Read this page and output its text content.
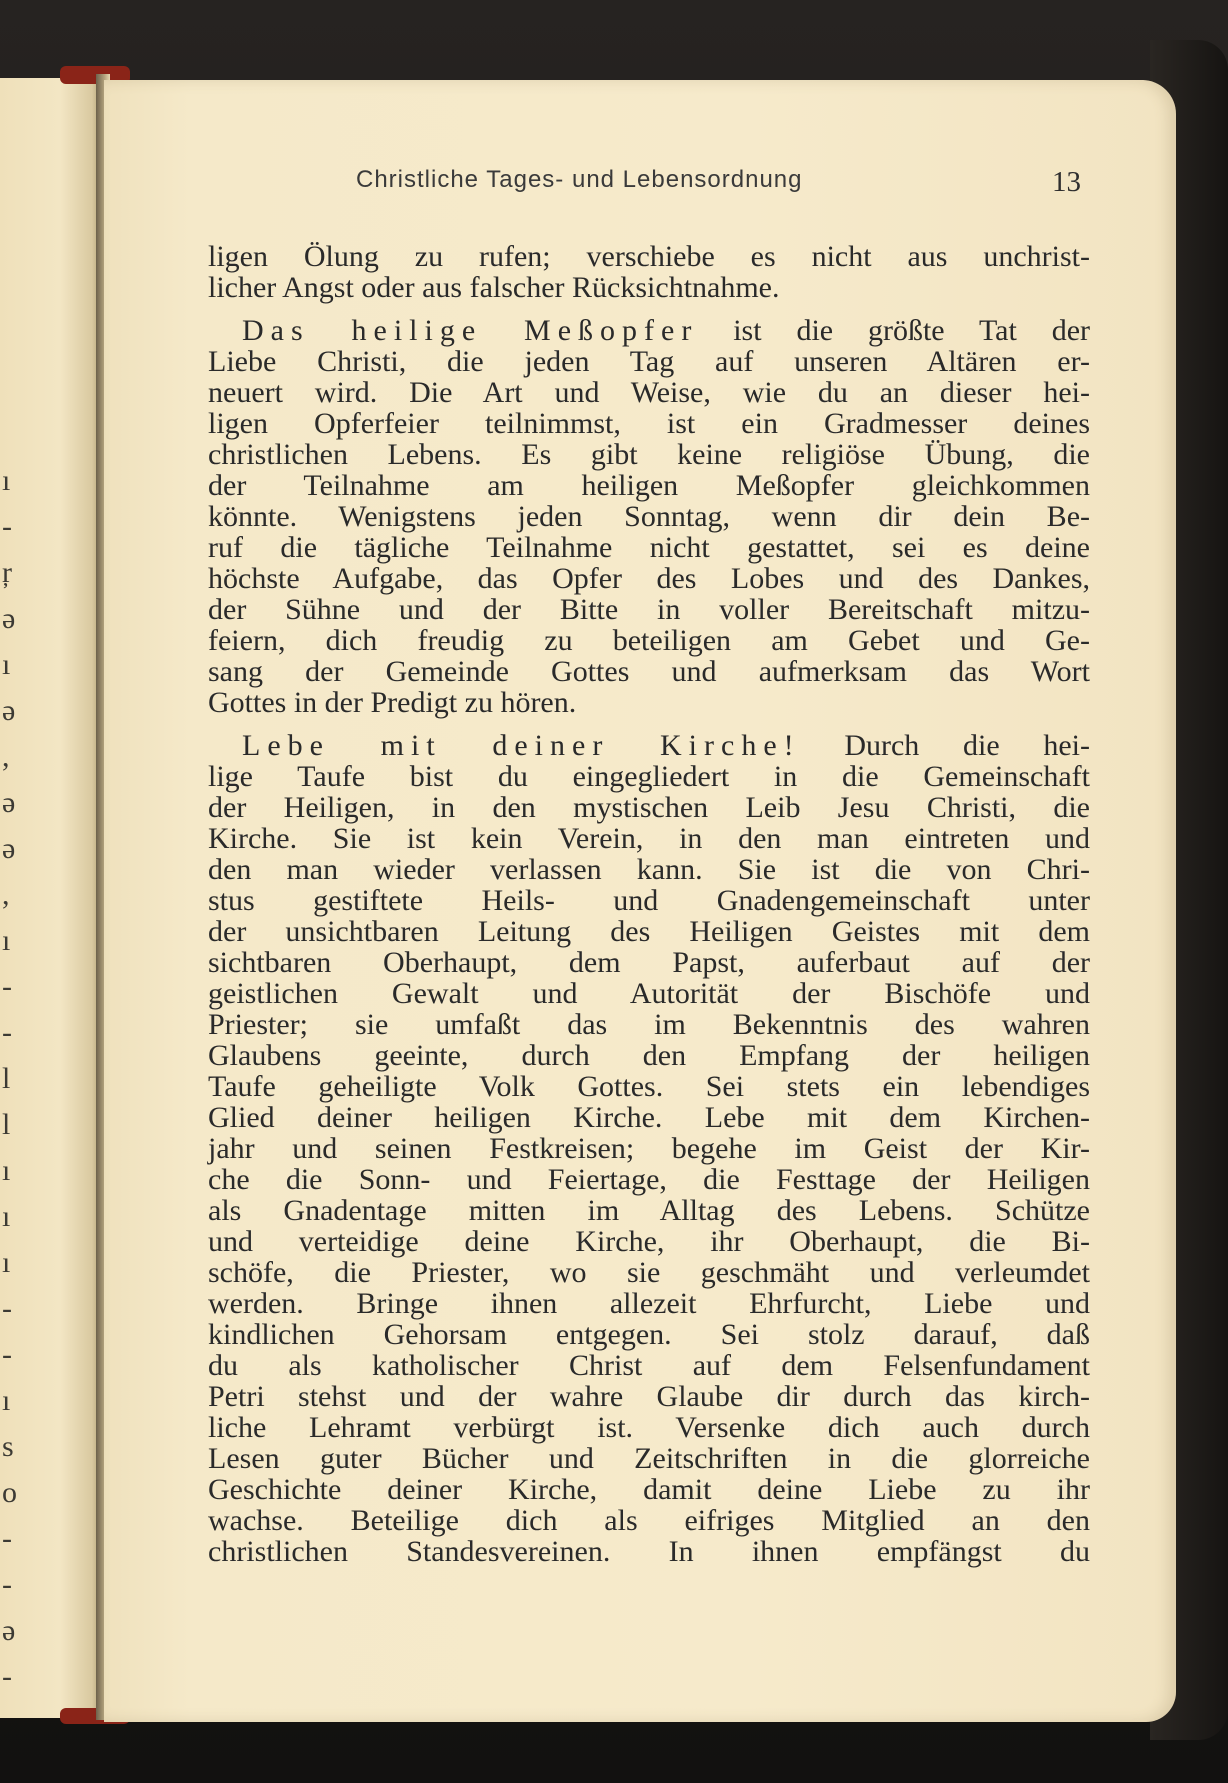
ı
-
ŗ
ə
ı
ə
,
ə
ə
,
ı
-
-
l
l
ı
ı
ı
-
-
ı
s
o
-
-
ə
-
Christliche Tages- und Lebensordnung	13
ligen Ölung zu rufen; verschiebe es nicht aus unchrist-
licher Angst oder aus falscher Rücksichtnahme.
Das heilige Meßopfer ist die größte Tat der
Liebe Christi, die jeden Tag auf unseren Altären er-
neuert wird. Die Art und Weise, wie du an dieser hei-
ligen Opferfeier teilnimmst, ist ein Gradmesser deines
christlichen Lebens. Es gibt keine religiöse Übung, die
der Teilnahme am heiligen Meßopfer gleichkommen
könnte. Wenigstens jeden Sonntag, wenn dir dein Be-
ruf die tägliche Teilnahme nicht gestattet, sei es deine
höchste Aufgabe, das Opfer des Lobes und des Dankes,
der Sühne und der Bitte in voller Bereitschaft mitzu-
feiern, dich freudig zu beteiligen am Gebet und Ge-
sang der Gemeinde Gottes und aufmerksam das Wort
Gottes in der Predigt zu hören.
Lebe mit deiner Kirche! Durch die hei-
lige Taufe bist du eingegliedert in die Gemeinschaft
der Heiligen, in den mystischen Leib Jesu Christi, die
Kirche. Sie ist kein Verein, in den man eintreten und
den man wieder verlassen kann. Sie ist die von Chri-
stus gestiftete Heils- und Gnadengemeinschaft unter
der unsichtbaren Leitung des Heiligen Geistes mit dem
sichtbaren Oberhaupt, dem Papst, auferbaut auf der
geistlichen Gewalt und Autorität der Bischöfe und
Priester; sie umfaßt das im Bekenntnis des wahren
Glaubens geeinte, durch den Empfang der heiligen
Taufe geheiligte Volk Gottes. Sei stets ein lebendiges
Glied deiner heiligen Kirche. Lebe mit dem Kirchen-
jahr und seinen Festkreisen; begehe im Geist der Kir-
che die Sonn- und Feiertage, die Festtage der Heiligen
als Gnadentage mitten im Alltag des Lebens. Schütze
und verteidige deine Kirche, ihr Oberhaupt, die Bi-
schöfe, die Priester, wo sie geschmäht und verleumdet
werden. Bringe ihnen allezeit Ehrfurcht, Liebe und
kindlichen Gehorsam entgegen. Sei stolz darauf, daß
du als katholischer Christ auf dem Felsenfundament
Petri stehst und der wahre Glaube dir durch das kirch-
liche Lehramt verbürgt ist. Versenke dich auch durch
Lesen guter Bücher und Zeitschriften in die glorreiche
Geschichte deiner Kirche, damit deine Liebe zu ihr
wachse. Beteilige dich als eifriges Mitglied an den
christlichen Standesvereinen. In ihnen empfängst du
